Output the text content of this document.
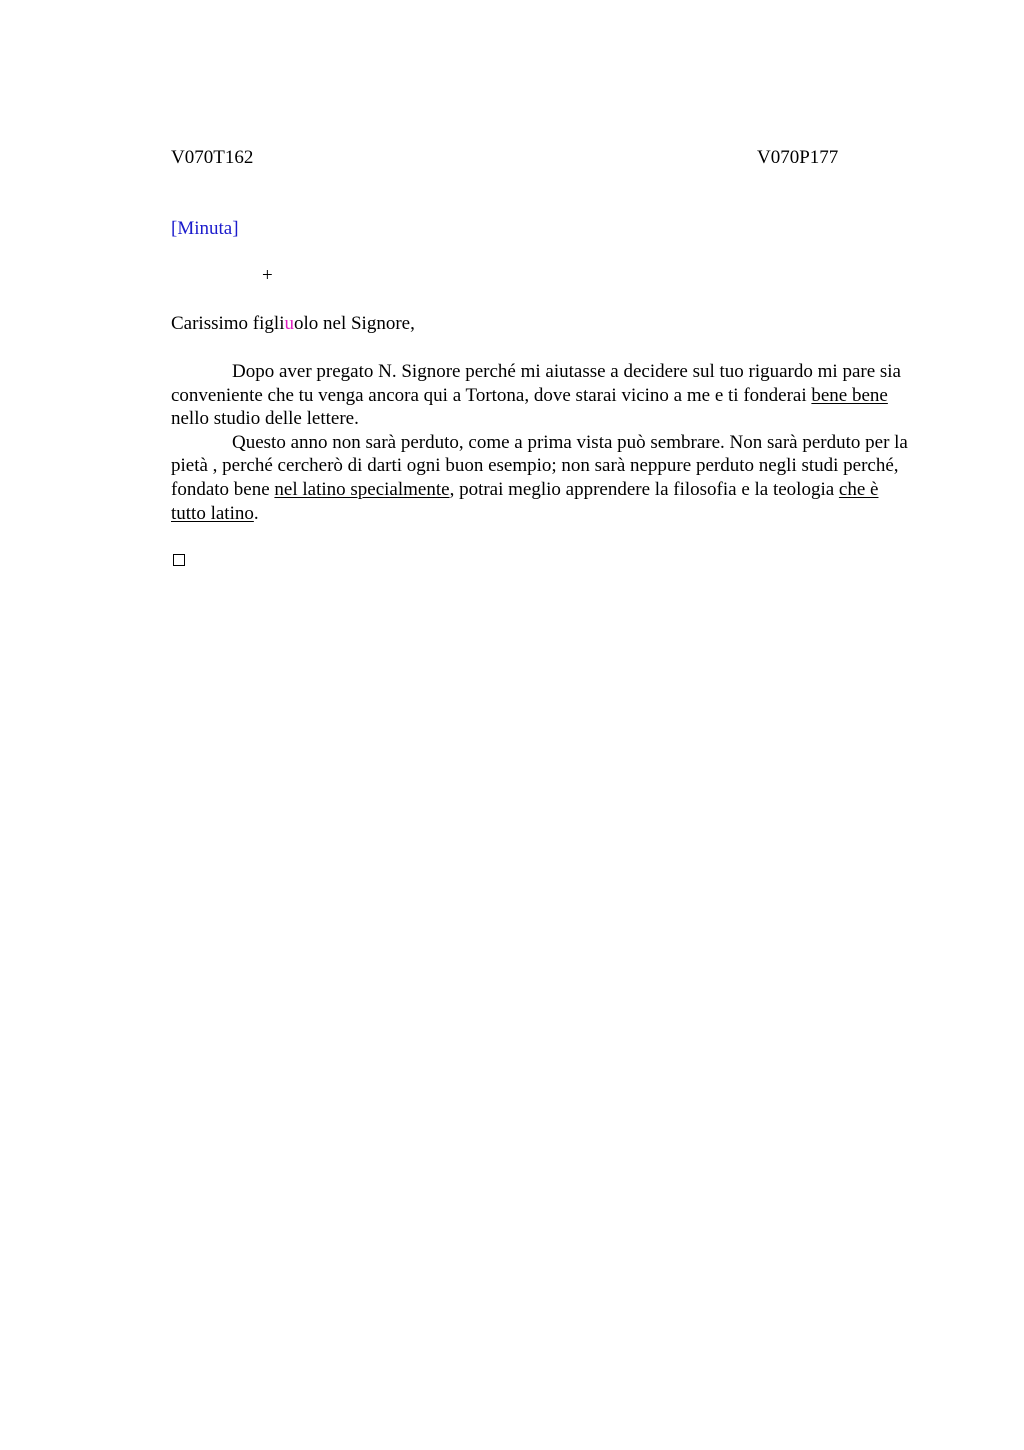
V070T162	V070P177
[Minuta]
+
Carissimo figliuolo nel Signore,

Dopo aver pregato N. Signore perché mi aiutasse a decidere sul tuo riguardo mi pare sia conveniente che tu venga ancora qui a Tortona, dove starai vicino a me e ti fonderai bene bene nello studio delle lettere.

Questo anno non sarà perduto, come a prima vista può sembrare. Non sarà perduto per la pietà , perché cercherò di darti ogni buon esempio; non sarà neppure perduto negli studi perché, fondato bene nel latino specialmente, potrai meglio apprendere la filosofia e la teologia che è tutto latino.
